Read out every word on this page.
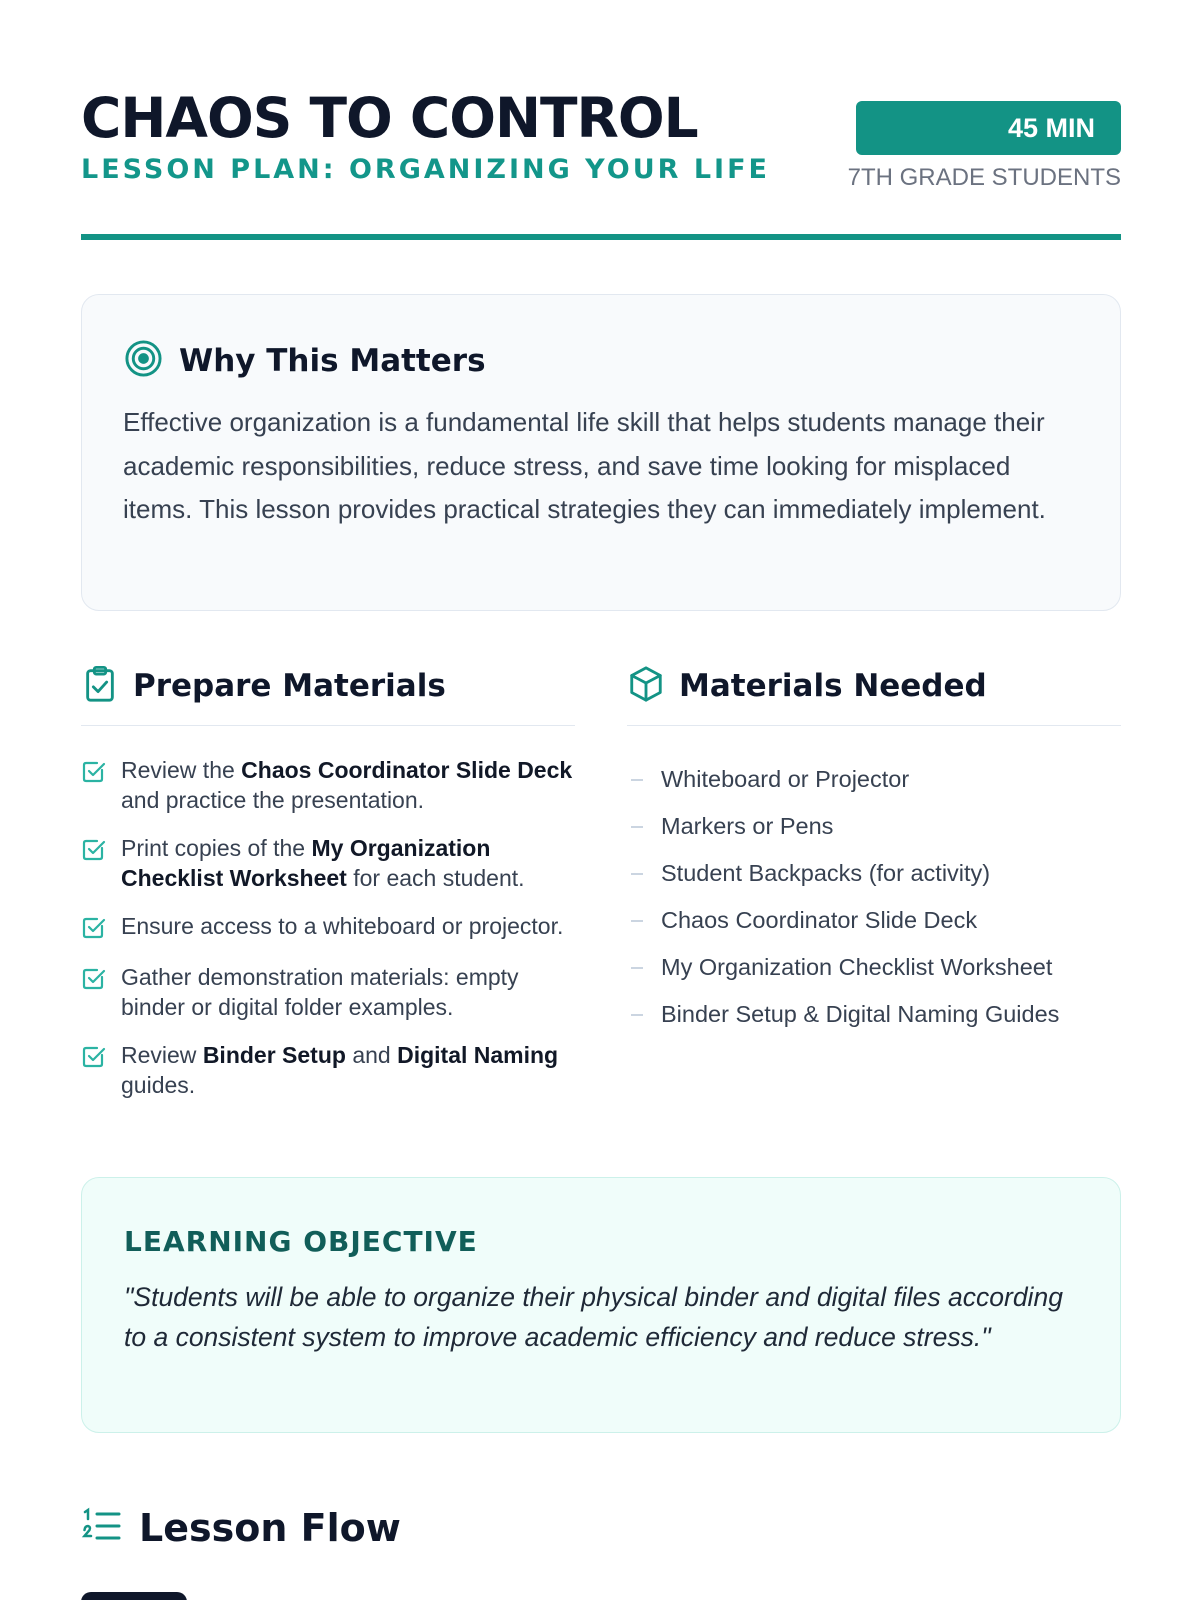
CHAOS TO CONTROL
LESSON PLAN: ORGANIZING YOUR LIFE
45 MIN
7TH GRADE STUDENTS
Why This Matters

Effective organization is a fundamental life skill that helps students manage their academic responsibilities, reduce stress, and save time looking for misplaced items. This lesson provides practical strategies they can immediately implement.

Prepare Materials
Review the Chaos Coordinator Slide Deck and practice the presentation.
Print copies of the My Organization Checklist Worksheet for each student.
Ensure access to a whiteboard or projector.
Gather demonstration materials: empty binder or digital folder examples.
Review Binder Setup and Digital Naming guides.
Materials Needed
Whiteboard or Projector
Markers or Pens
Student Backpacks (for activity)
Chaos Coordinator Slide Deck
My Organization Checklist Worksheet
Binder Setup & Digital Naming Guides
LEARNING OBJECTIVE

"Students will be able to organize their physical binder and digital files according to a consistent system to improve academic efficiency and reduce stress."

Lesson Flow
